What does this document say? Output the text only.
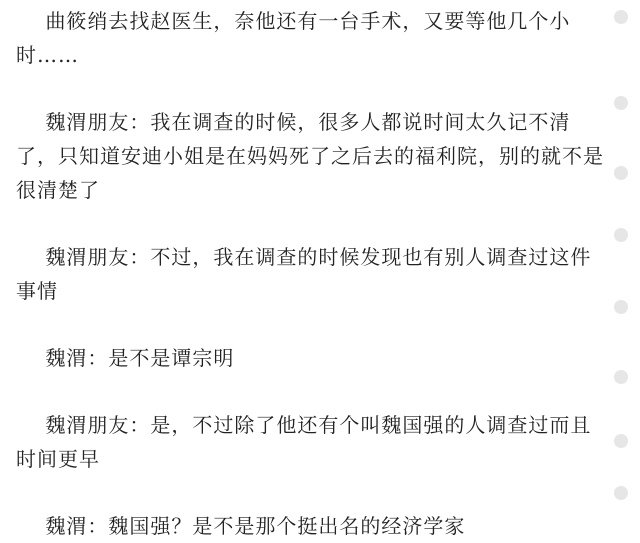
曲筱绡去找赵医生，奈他还有一台手术，又要等他几个小时……

魏渭朋友：我在调查的时候，很多人都说时间太久记不清了，只知道安迪小姐是在妈妈死了之后去的福利院，别的就不是很清楚了

魏渭朋友：不过，我在调查的时候发现也有别人调查过这件事情

魏渭：是不是谭宗明

魏渭朋友：是，不过除了他还有个叫魏国强的人调查过而且时间更早

魏渭：魏国强？是不是那个挺出名的经济学家
